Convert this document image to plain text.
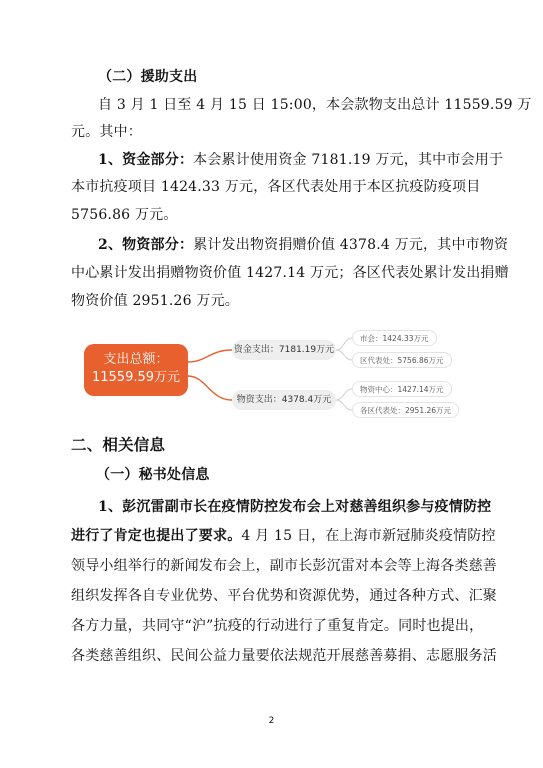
（二）援助支出
自 3 月 1 日至 4 月 15 日 15:00，本会款物支出总计 11559.59 万
元。其中：
1、资金部分：本会累计使用资金 7181.19 万元，其中市会用于
本市抗疫项目 1424.33 万元，各区代表处用于本区抗疫防疫项目
5756.86 万元。
2、物资部分：累计发出物资捐赠价值 4378.4 万元，其中市物资
中心累计发出捐赠物资价值 1427.14 万元；各区代表处累计发出捐赠
物资价值 2951.26 万元。
支出总额：
11559.59万元
资金支出：7181.19万元
物资支出：4378.4万元
市会：1424.33万元
区代表处：5756.86万元
物资中心：1427.14万元
各区代表处：2951.26万元
二、相关信息
（一）秘书处信息
1、彭沉雷副市长在疫情防控发布会上对慈善组织参与疫情防控
进行了肯定也提出了要求。4 月 15 日，在上海市新冠肺炎疫情防控
领导小组举行的新闻发布会上，副市长彭沉雷对本会等上海各类慈善
组织发挥各自专业优势、平台优势和资源优势，通过各种方式、汇聚
各方力量，共同守“沪”抗疫的行动进行了重复肯定。同时也提出，
各类慈善组织、民间公益力量要依法规范开展慈善募捐、志愿服务活
2
